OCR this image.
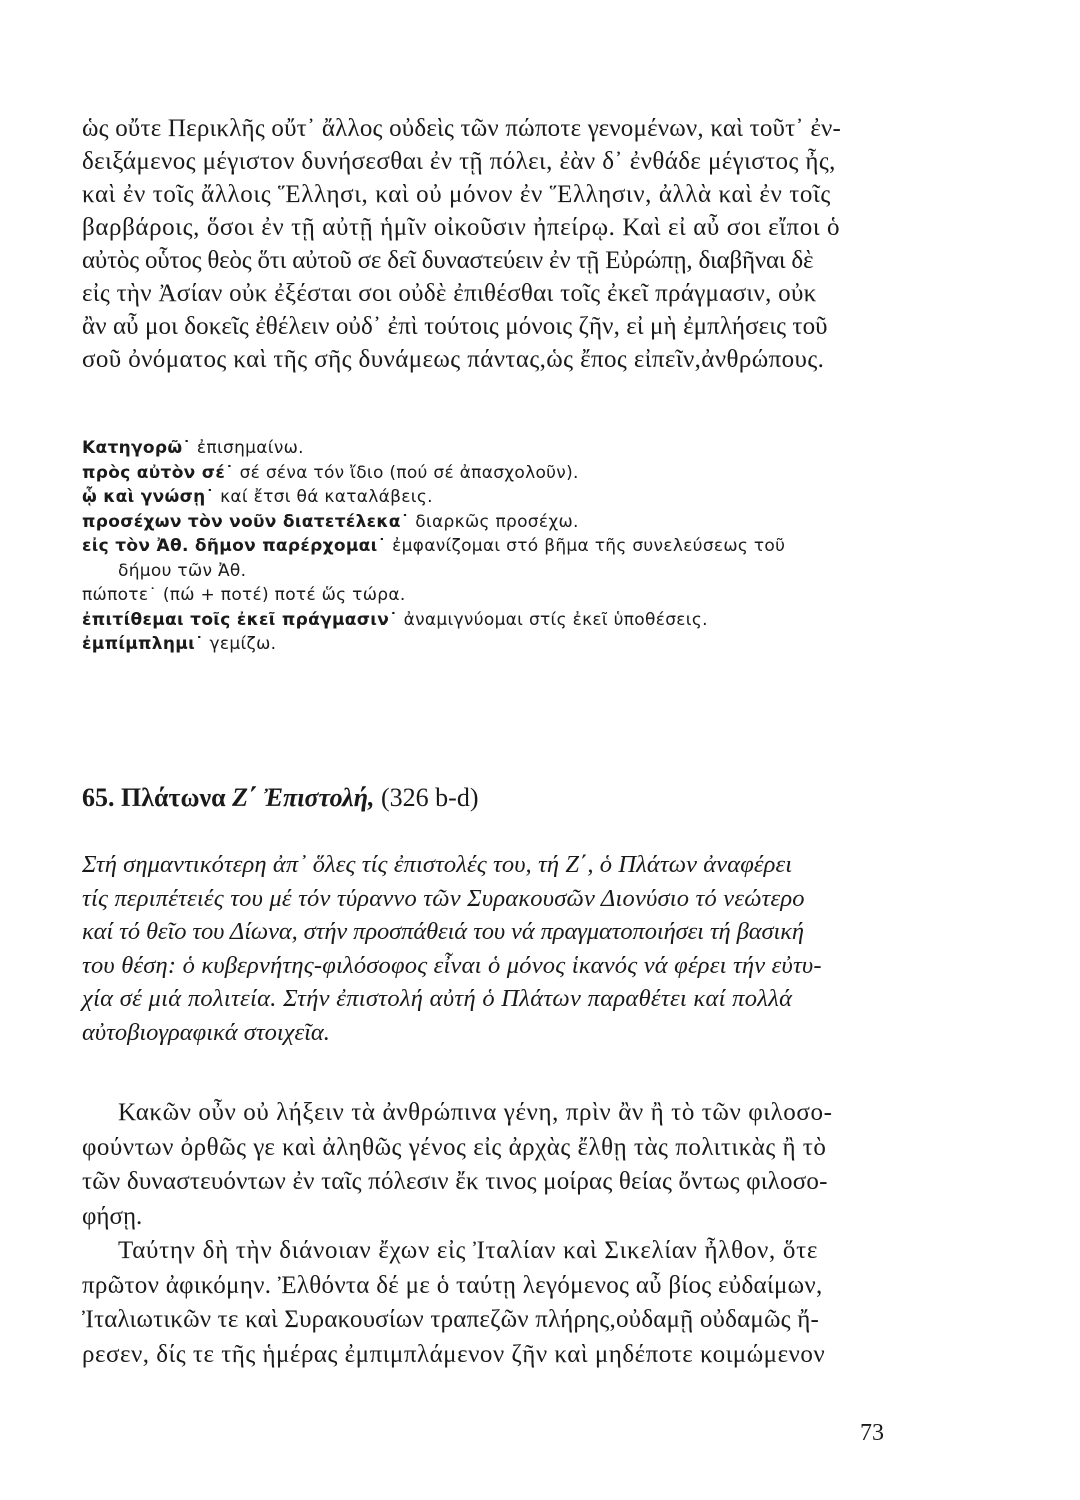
ὡς οὔτε Περικλῆς οὔτ᾽ ἄλλος οὐδεὶς τῶν πώποτε γενομένων, καὶ τοῦτ᾽ ἐν-
δειξάμενος μέγιστον δυνήσεσθαι ἐν τῇ πόλει, ἐὰν δ᾽ ἐνθάδε μέγιστος ἦς,
καὶ ἐν τοῖς ἄλλοις Ἕλλησι, καὶ οὐ μόνον ἐν Ἕλλησιν, ἀλλὰ καὶ ἐν τοῖς
βαρβάροις, ὅσοι ἐν τῇ αὐτῇ ἡμῖν οἰκοῦσιν ἠπείρῳ. Καὶ εἰ αὖ σοι εἴποι ὁ
αὐτὸς οὗτος θεὸς ὅτι αὐτοῦ σε δεῖ δυναστεύειν ἐν τῇ Εὐρώπῃ, διαβῆναι δὲ
εἰς τὴν Ἀσίαν οὐκ ἐξέσται σοι οὐδὲ ἐπιθέσθαι τοῖς ἐκεῖ πράγμασιν, οὐκ
ἂν αὖ μοι δοκεῖς ἐθέλειν οὐδ᾽ ἐπὶ τούτοις μόνοις ζῆν, εἰ μὴ ἐμπλήσεις τοῦ
σοῦ ὀνόματος καὶ τῆς σῆς δυνάμεως πάντας,ὡς ἔπος εἰπεῖν,ἀνθρώπους.
Κατηγορῶ˙ ἐπισημαίνω.
πρὸς αὐτὸν σέ˙ σέ σένα τόν ἴδιο (πού σέ ἀπασχολοῦν).
ᾧ καὶ γνώσῃ˙ καί ἔτσι θά καταλάβεις.
προσέχων τὸν νοῦν διατετέλεκα˙ διαρκῶς προσέχω.
εἰς τὸν Ἀθ. δῆμον παρέρχομαι˙ ἐμφανίζομαι στό βῆμα τῆς συνελεύσεως τοῦ
δήμου τῶν Ἀθ.
πώποτε˙ (πώ + ποτέ) ποτέ ὥς τώρα.
ἐπιτίθεμαι τοῖς ἐκεῖ πράγμασιν˙ ἀναμιγνύομαι στίς ἐκεῖ ὑποθέσεις.
ἐμπίμπλημι˙ γεμίζω.
65. Πλάτωνα Ζ΄ Ἐπιστολή, (326 b-d)
Στή σημαντικότερη ἀπ᾽ ὅλες τίς ἐπιστολές του, τή Ζ΄, ὁ Πλάτων ἀναφέρει
τίς περιπέτειές του μέ τόν τύραννο τῶν Συρακουσῶν Διονύσιο τό νεώτερο
καί τό θεῖο του Δίωνα, στήν προσπάθειά του νά πραγματοποιήσει τή βασική
του θέση: ὁ κυβερνήτης-φιλόσοφος εἶναι ὁ μόνος ἱκανός νά φέρει τήν εὐτυ-
χία σέ μιά πολιτεία. Στήν ἐπιστολή αὐτή ὁ Πλάτων παραθέτει καί πολλά
αὐτοβιογραφικά στοιχεῖα.
Κακῶν οὖν οὐ λήξειν τὰ ἀνθρώπινα γένη, πρὶν ἂν ἢ τὸ τῶν φιλοσο-
φούντων ὀρθῶς γε καὶ ἀληθῶς γένος εἰς ἀρχὰς ἔλθῃ τὰς πολιτικὰς ἢ τὸ
τῶν δυναστευόντων ἐν ταῖς πόλεσιν ἔκ τινος μοίρας θείας ὄντως φιλοσο-
φήσῃ.
Ταύτην δὴ τὴν διάνοιαν ἔχων εἰς Ἰταλίαν καὶ Σικελίαν ἦλθον, ὅτε
πρῶτον ἀφικόμην. Ἐλθόντα δέ με ὁ ταύτῃ λεγόμενος αὖ βίος εὐδαίμων,
Ἰταλιωτικῶν τε καὶ Συρακουσίων τραπεζῶν πλήρης,οὐδαμῇ οὐδαμῶς ἤ-
ρεσεν, δίς τε τῆς ἡμέρας ἐμπιμπλάμενον ζῆν καὶ μηδέποτε κοιμώμενον
73
